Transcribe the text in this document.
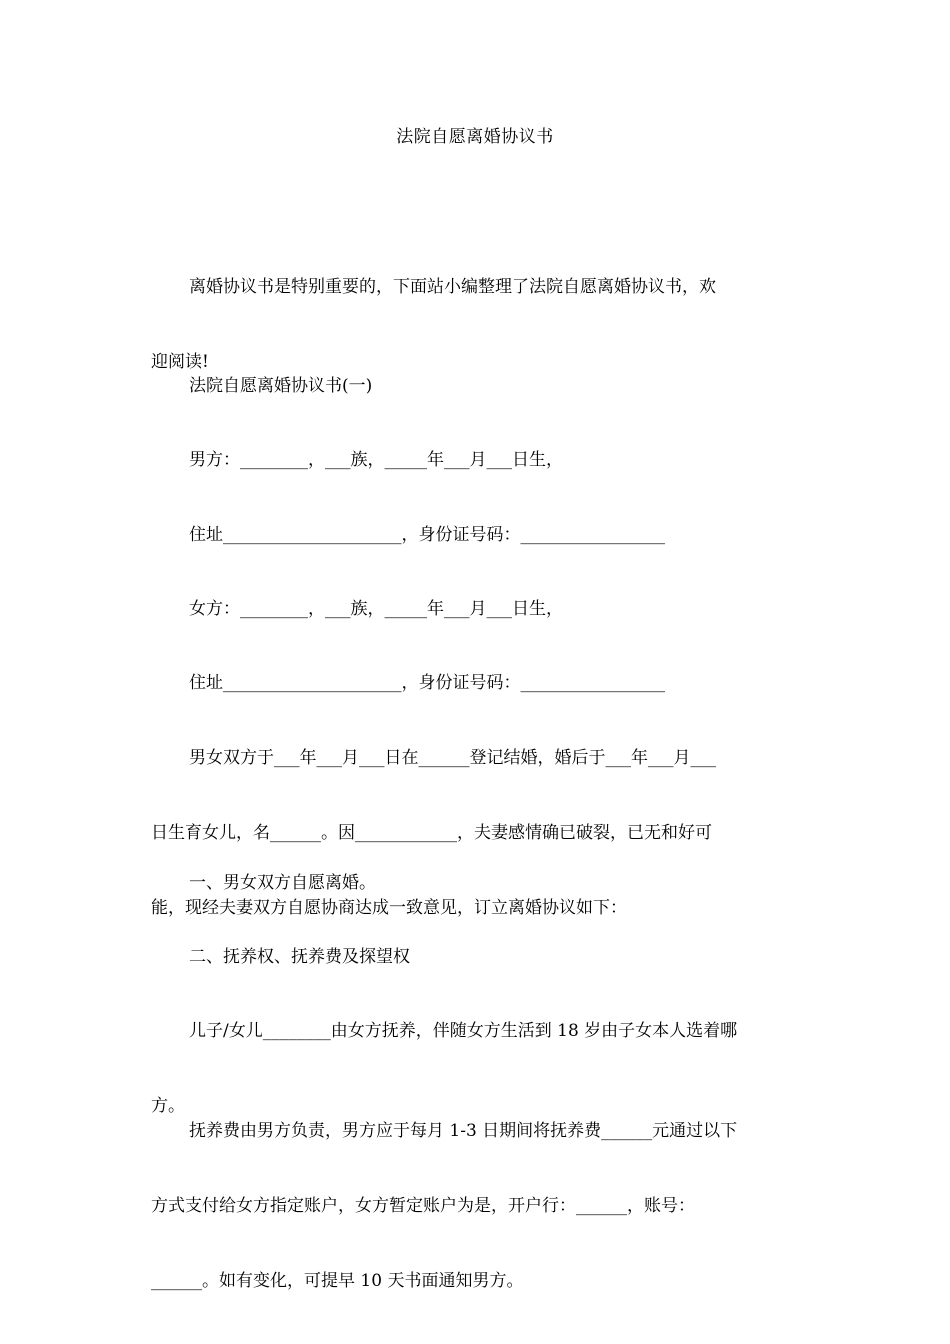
法院自愿离婚协议书

离婚协议书是特别重要的，下面站小编整理了法院自愿离婚协议书，欢

迎阅读!

法院自愿离婚协议书(一)

男方：________，___族，_____年___月___日生，

住址_____________________，身份证号码：_________________

女方：________，___族，_____年___月___日生，

住址_____________________，身份证号码：_________________

男女双方于___年___月___日在______登记结婚，婚后于___年___月___

日生育女儿，名______。因____________，夫妻感情确已破裂，已无和好可

能，现经夫妻双方自愿协商达成一致意见，订立离婚协议如下：

一、男女双方自愿离婚。

二、抚养权、抚养费及探望权

儿子/女儿________由女方抚养，伴随女方生活到 18 岁由子女本人选着哪

方。

抚养费由男方负责，男方应于每月 1-3 日期间将抚养费______元通过以下

方式支付给女方指定账户，女方暂定账户为是，开户行：______，账号：

______。如有变化，可提早 10 天书面通知男方。
